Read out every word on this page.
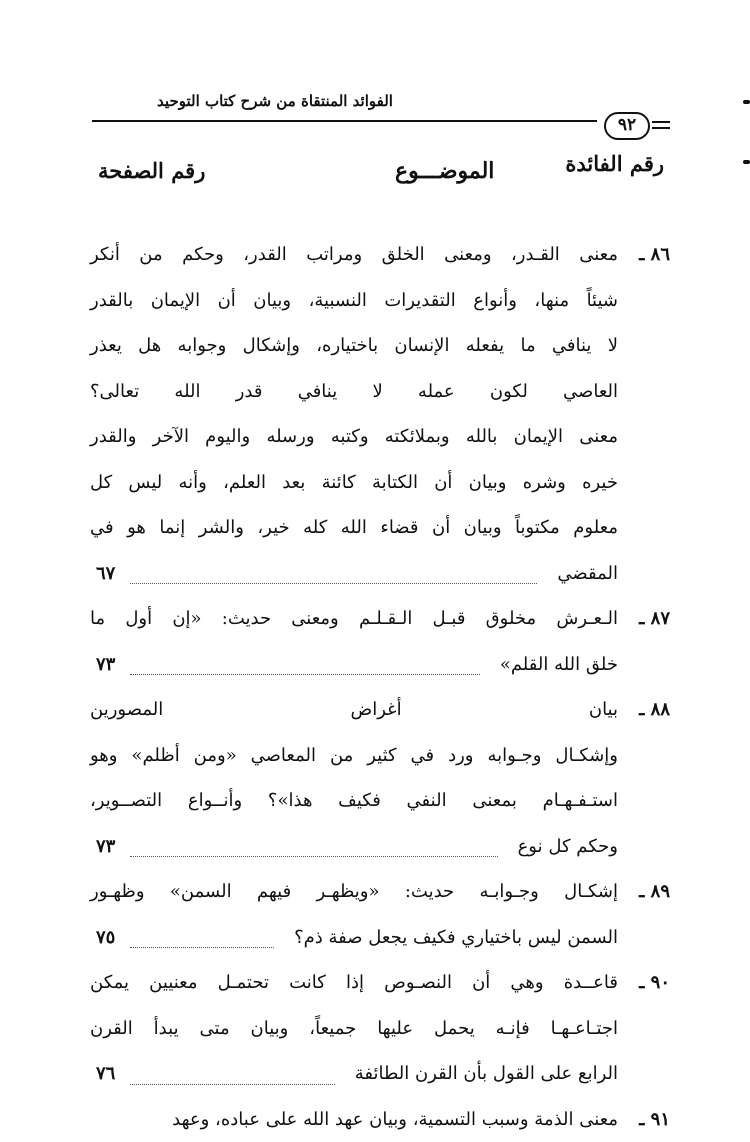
الفوائد المنتقاة من شرح كتاب التوحيد
٩٢
رقم الفائدة
الموضـــوع
رقم الصفحة
٨٦ ـ
معنى القـدر، ومعنى الخلق ومراتب القدر، وحكم من أنكر
شيئاً منها، وأنواع التقديرات النسبية، وبيان أن الإيمان بالقدر
لا ينافي ما يفعله الإنسان باختياره، وإشكال وجوابه هل يعذر
العاصي لكون عمله لا ينافي قدر الله تعالى؟
معنى الإيمان بالله وبملائكته وكتبه ورسله واليوم الآخر والقدر
خيره وشره وبيان أن الكتابة كائنة بعد العلم، وأنه ليس كل
معلوم مكتوباً وبيان أن قضاء الله كله خير، والشر إنما هو في
المقضي
٦٧
٨٧ ـ
الـعـرش مخلوق قبـل الـقـلـم ومعنى حديث: «إن أول ما
خلق الله القلم»
٧٣
٨٨ ـ
بيان أغراض المصورين
وإشكـال وجـوابه ورد في كثير من المعاصي «ومن أظلم» وهو
استـفـهـام بمعنى النفي فكيف هذا»؟ وأنــواع التصــوير،
وحكم كل نوع
٧٣
٨٩ ـ
إشكـال وجـوابـه حديث: «ويظهـر فيهم السمن» وظهـور
السمن ليس باختياري فكيف يجعل صفة ذم؟
٧٥
٩٠ ـ
قاعــدة وهي أن النصـوص إذا كانت تحتمـل معنيين يمكن
اجتـاعـهـا فإنـه يحمل عليها جميعاً، وبيان متى يبدأ القرن
الرابع على القول بأن القرن الطائفة
٧٦
٩١ ـ
معنى الذمة وسبب التسمية، وبيان عهد الله على عباده، وعهد
